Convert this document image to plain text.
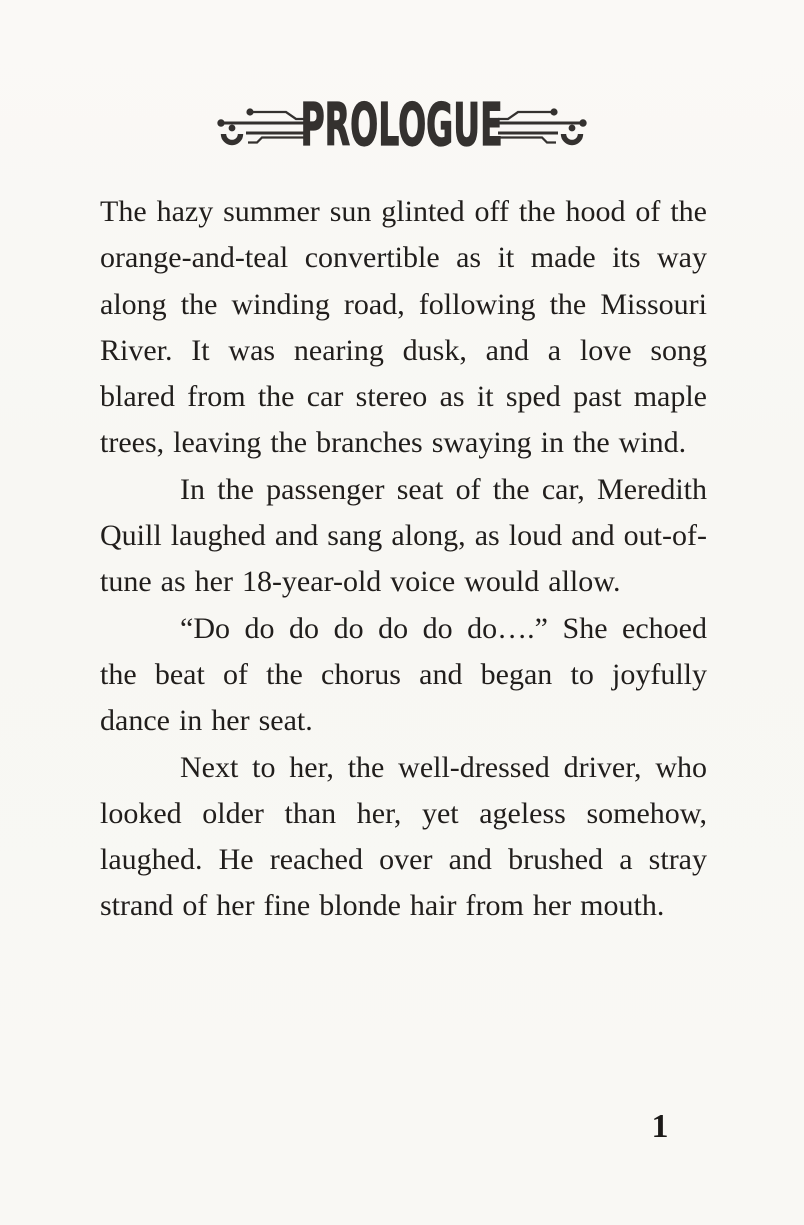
PROLOGUE

The hazy summer sun glinted off the hood of the orange-and-teal convertible as it made its way along the winding road, following the Missouri River. It was nearing dusk, and a love song blared from the car stereo as it sped past maple trees, leaving the branches swaying in the wind.

In the passenger seat of the car, Meredith Quill laughed and sang along, as loud and out-of-tune as her 18-year-old voice would allow.

“Do do do do do do do….” She echoed the beat of the chorus and began to joyfully dance in her seat.

Next to her, the well-dressed driver, who looked older than her, yet ageless somehow, laughed. He reached over and brushed a stray strand of her fine blonde hair from her mouth.

1
